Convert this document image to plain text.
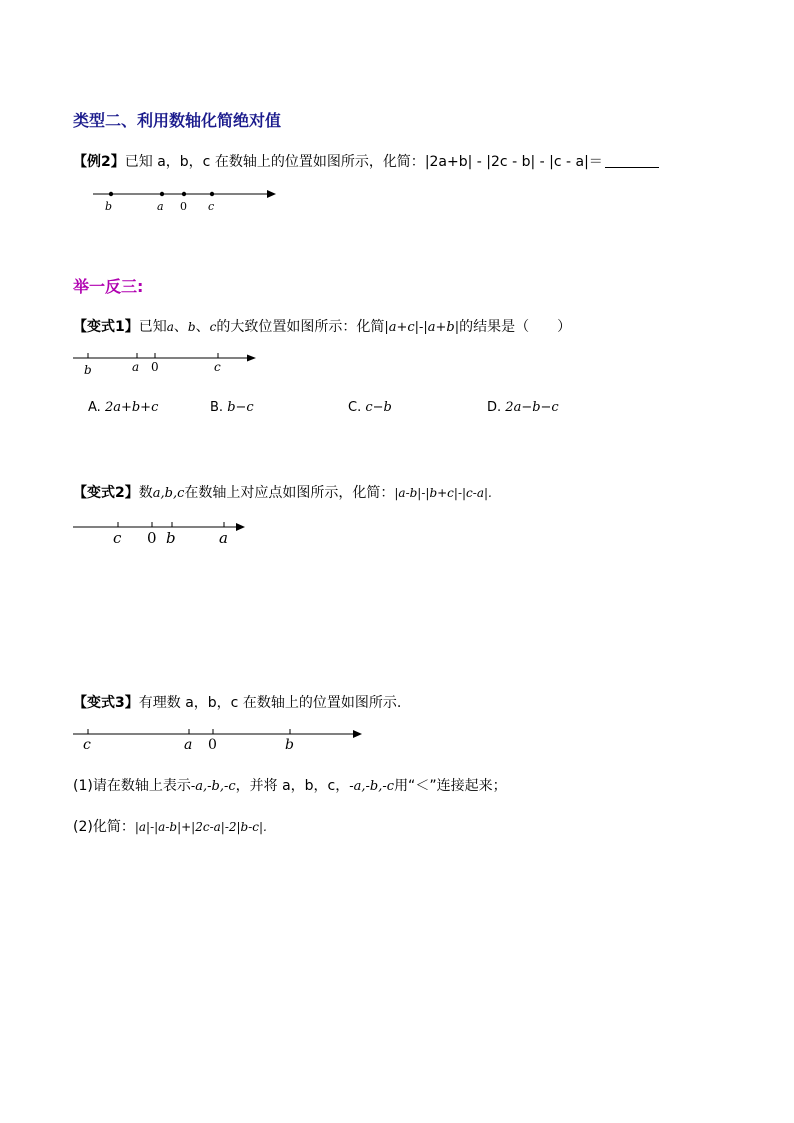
类型二、利用数轴化简绝对值
【例2】已知 a，b，c 在数轴上的位置如图所示，化简：|2a+b| - |2c - b| - |c - a|＝
b	a 0 c
举一反三:
【变式1】已知a、b、c的大致位置如图所示：化简|a+c|-|a+b|的结果是（　　）
b	a 0	c
A. 2a+b+c	B. b−c	C. c−b	D. 2a−b−c
【变式2】数a,b,c在数轴上对应点如图所示，化简：|a-b|-|b+c|-|c-a|.
c 0 b	a
【变式3】有理数 a，b，c 在数轴上的位置如图所示.
c	a 0	b
(1)请在数轴上表示-a,-b,-c，并将 a，b，c，-a,-b,-c用“＜”连接起来；
(2)化简：|a|-|a-b|+|2c-a|-2|b-c|.
